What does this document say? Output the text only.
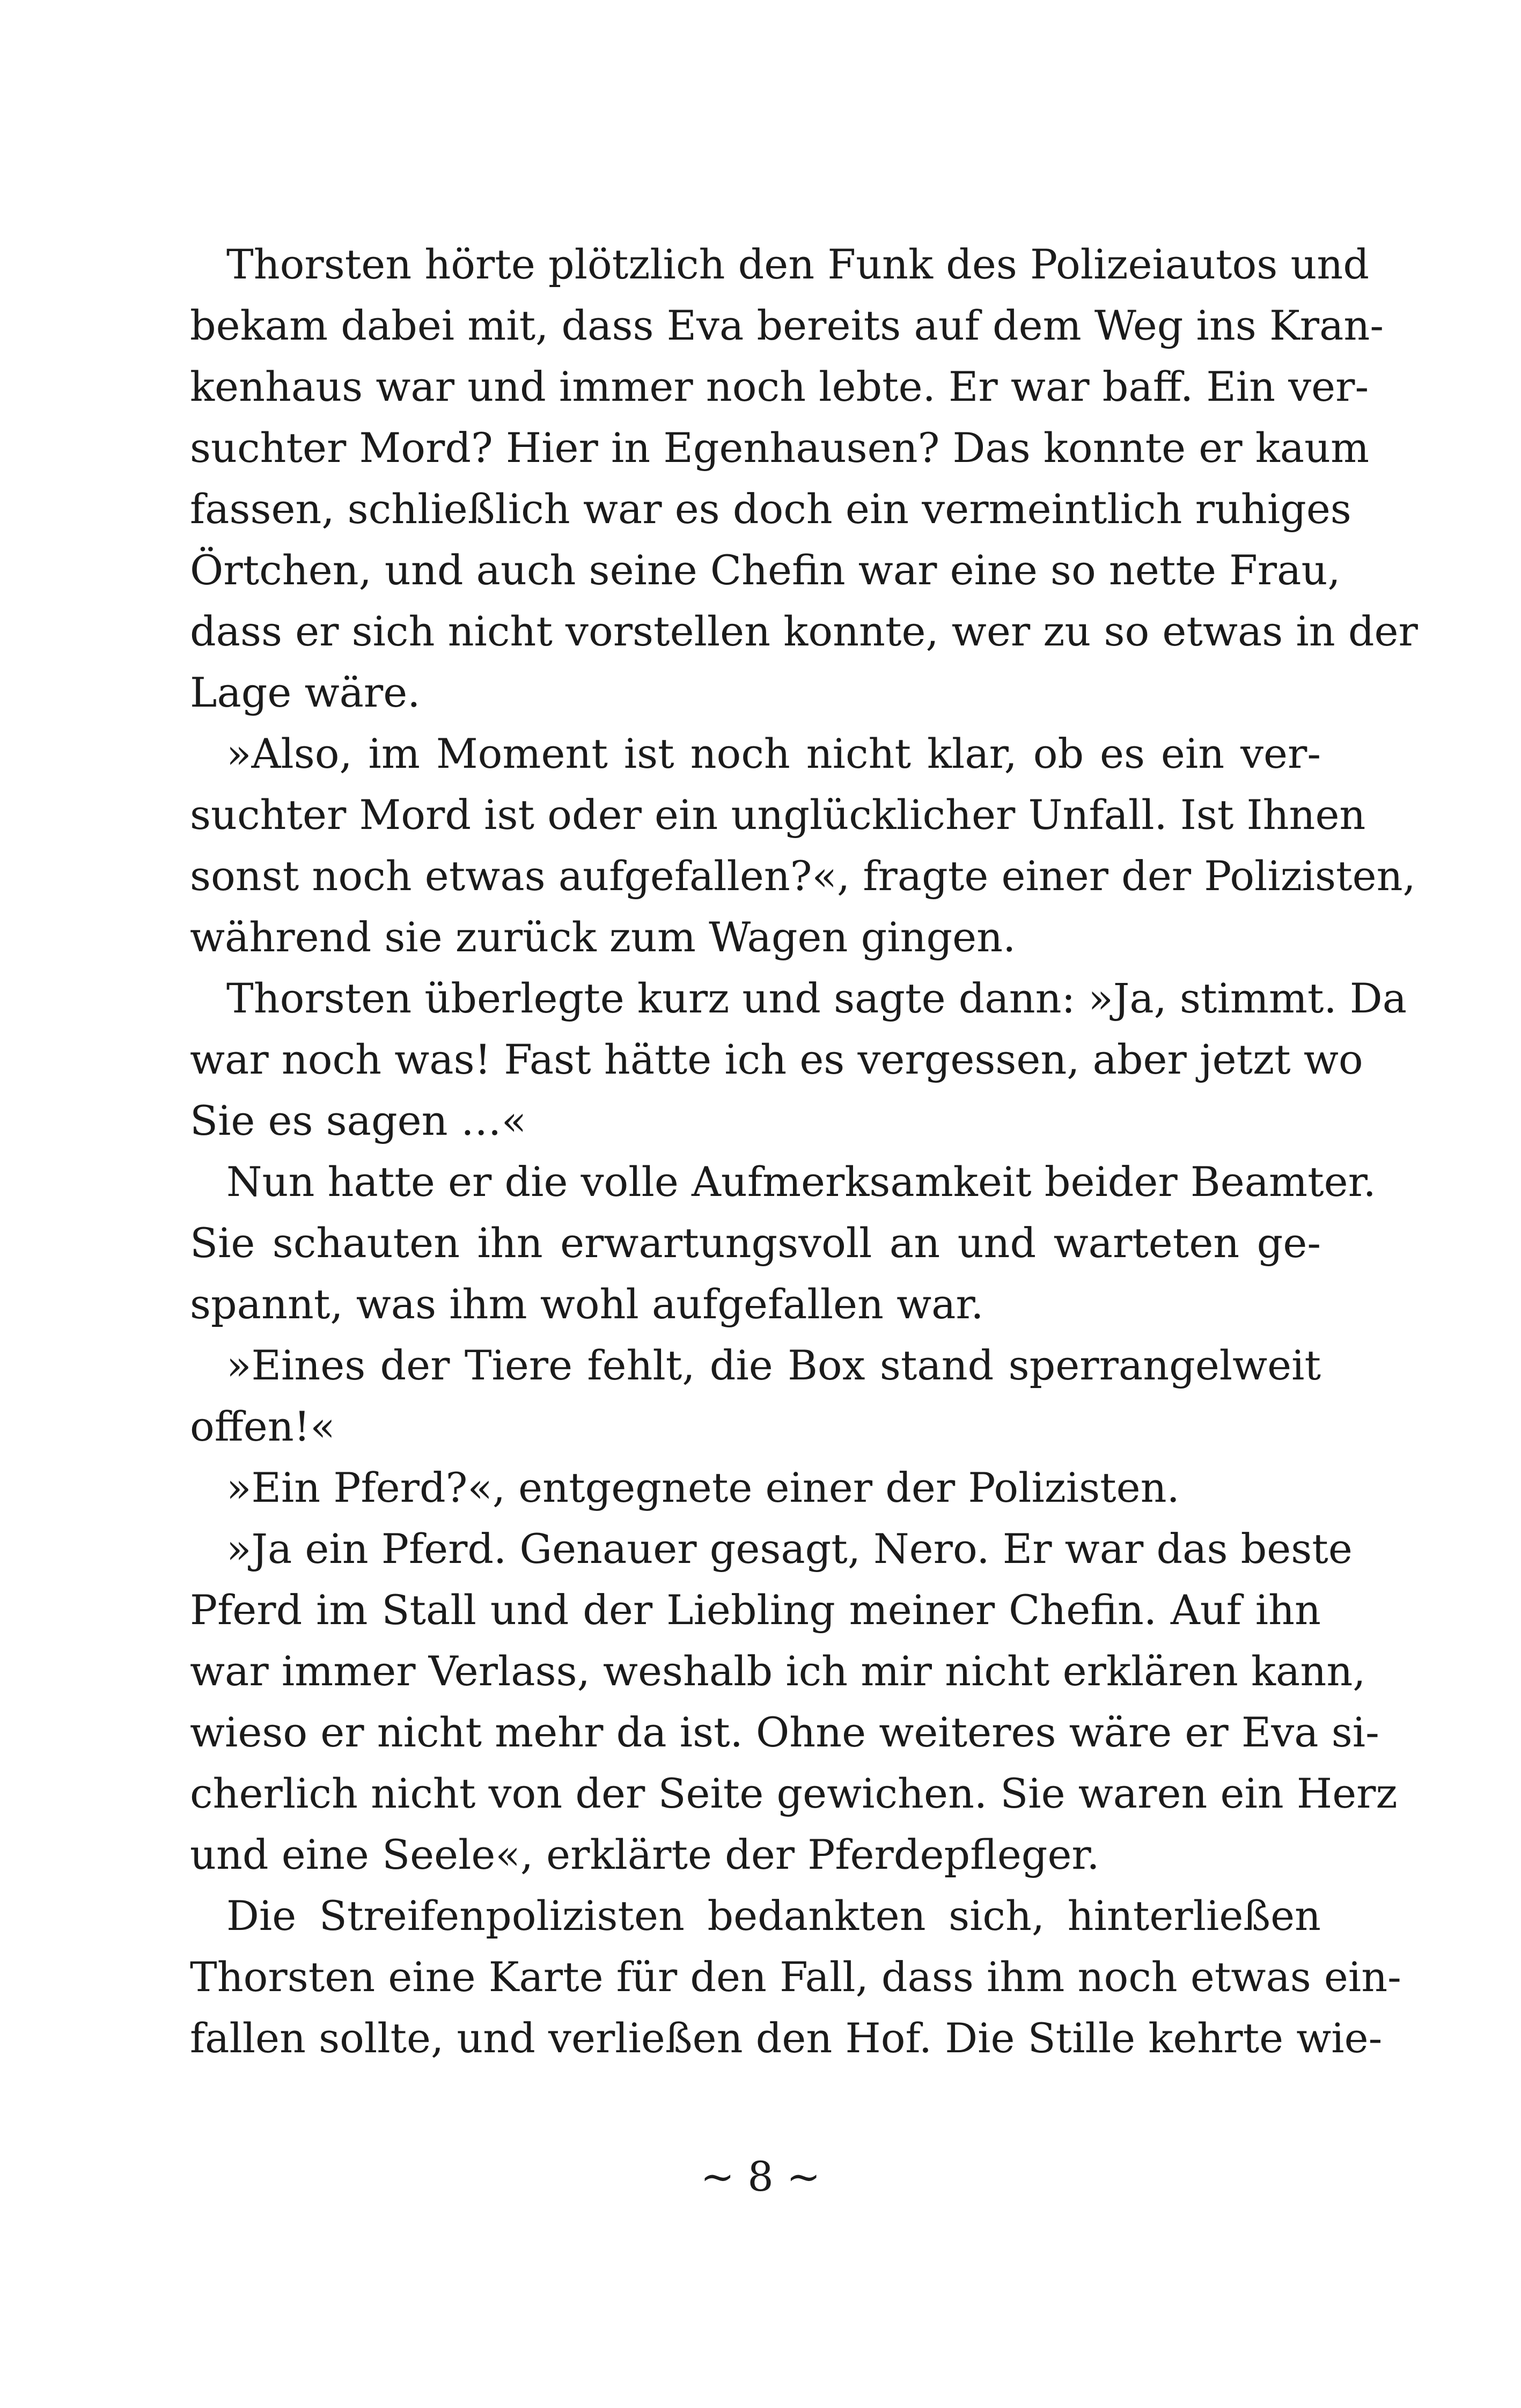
Thorsten hörte plötzlich den Funk des Polizeiautos und
bekam dabei mit, dass Eva bereits auf dem Weg ins Kran-
kenhaus war und immer noch lebte. Er war baff. Ein ver-
suchter Mord? Hier in Egenhausen? Das konnte er kaum
fassen, schließlich war es doch ein vermeintlich ruhiges
Örtchen, und auch seine Chefin war eine so nette Frau,
dass er sich nicht vorstellen konnte, wer zu so etwas in der
Lage wäre.
»Also, im Moment ist noch nicht klar, ob es ein ver-
suchter Mord ist oder ein unglücklicher Unfall. Ist Ihnen
sonst noch etwas aufgefallen?«, fragte einer der Polizisten,
während sie zurück zum Wagen gingen.
Thorsten überlegte kurz und sagte dann: »Ja, stimmt. Da
war noch was! Fast hätte ich es vergessen, aber jetzt wo
Sie es sagen …«
Nun hatte er die volle Aufmerksamkeit beider Beamter.
Sie schauten ihn erwartungsvoll an und warteten ge-
spannt, was ihm wohl aufgefallen war.
»Eines der Tiere fehlt, die Box stand sperrangelweit
offen!«
»Ein Pferd?«, entgegnete einer der Polizisten.
»Ja ein Pferd. Genauer gesagt, Nero. Er war das beste
Pferd im Stall und der Liebling meiner Chefin. Auf ihn
war immer Verlass, weshalb ich mir nicht erklären kann,
wieso er nicht mehr da ist. Ohne weiteres wäre er Eva si-
cherlich nicht von der Seite gewichen. Sie waren ein Herz
und eine Seele«, erklärte der Pferdepfleger.
Die Streifenpolizisten bedankten sich, hinterließen
Thorsten eine Karte für den Fall, dass ihm noch etwas ein-
fallen sollte, und verließen den Hof. Die Stille kehrte wie-
~ 8 ~
